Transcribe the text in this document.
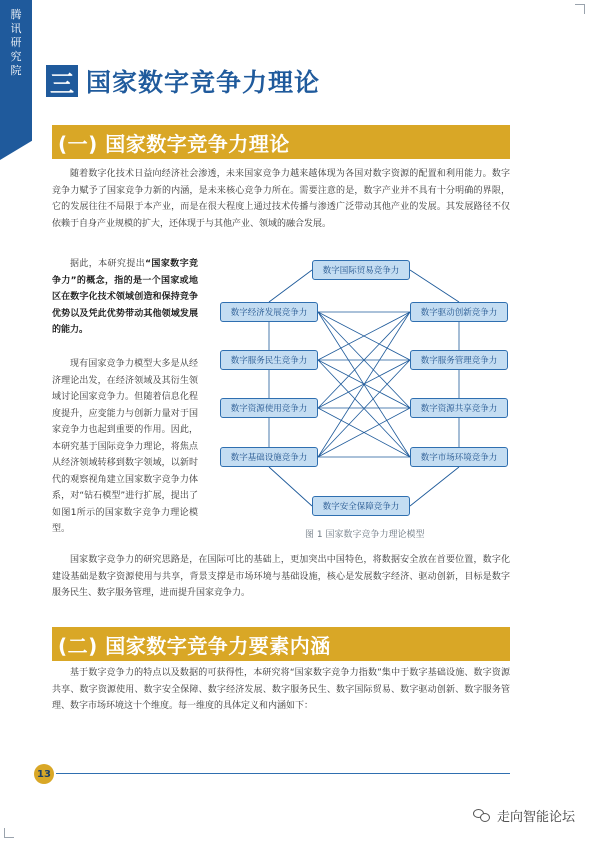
腾
讯
研
究
院	三 国家数字竞争力理论
(一) 国家数字竞争力理论

随着数字化技术日益向经济社会渗透，未来国家竞争力越来越体现为各国对数字资源的配置和利用能力。数字竞争力赋予了国家竞争力新的内涵，是未来核心竞争力所在。需要注意的是，数字产业并不具有十分明确的界限，它的发展往往不局限于本产业，而是在很大程度上通过技术传播与渗透广泛带动其他产业的发展。其发展路径不仅依赖于自身产业规模的扩大，还体现于与其他产业、领域的融合发展。

据此，本研究提出“国家数字竞争力”的概念，指的是一个国家或地区在数字化技术领域创造和保持竞争优势以及凭此优势带动其他领域发展的能力。

现有国家竞争力模型大多是从经济理论出发，在经济领域及其衍生领域讨论国家竞争力。但随着信息化程度提升，应变能力与创新力量对于国家竞争力也起到重要的作用。因此，本研究基于国际竞争力理论，将焦点从经济领域转移到数字领域，以新时代的观察视角建立国家数字竞争力体系，对“钻石模型”进行扩展，提出了如图1所示的国家数字竞争力理论模型。

数字国际贸易竞争力
数字经济发展竞争力
数字服务民生竞争力
数字资源使用竞争力
数字基础设施竞争力
数字驱动创新竞争力
数字服务管理竞争力
数字资源共享竞争力
数字市场环境竞争力
数字安全保障竞争力
图 1 国家数字竞争力理论模型

国家数字竞争力的研究思路是，在国际可比的基础上，更加突出中国特色，将数据安全放在首要位置，数字化建设基础是数字资源使用与共享，背景支撑是市场环境与基础设施，核心是发展数字经济、驱动创新，目标是数字服务民生、数字服务管理，进而提升国家竞争力。

(二) 国家数字竞争力要素内涵

基于数字竞争力的特点以及数据的可获得性，本研究将“国家数字竞争力指数”集中于数字基础设施、数字资源共享、数字资源使用、数字安全保障、数字经济发展、数字服务民生、数字国际贸易、数字驱动创新、数字服务管理、数字市场环境这十个维度。每一维度的具体定义和内涵如下：

13
走向智能论坛
